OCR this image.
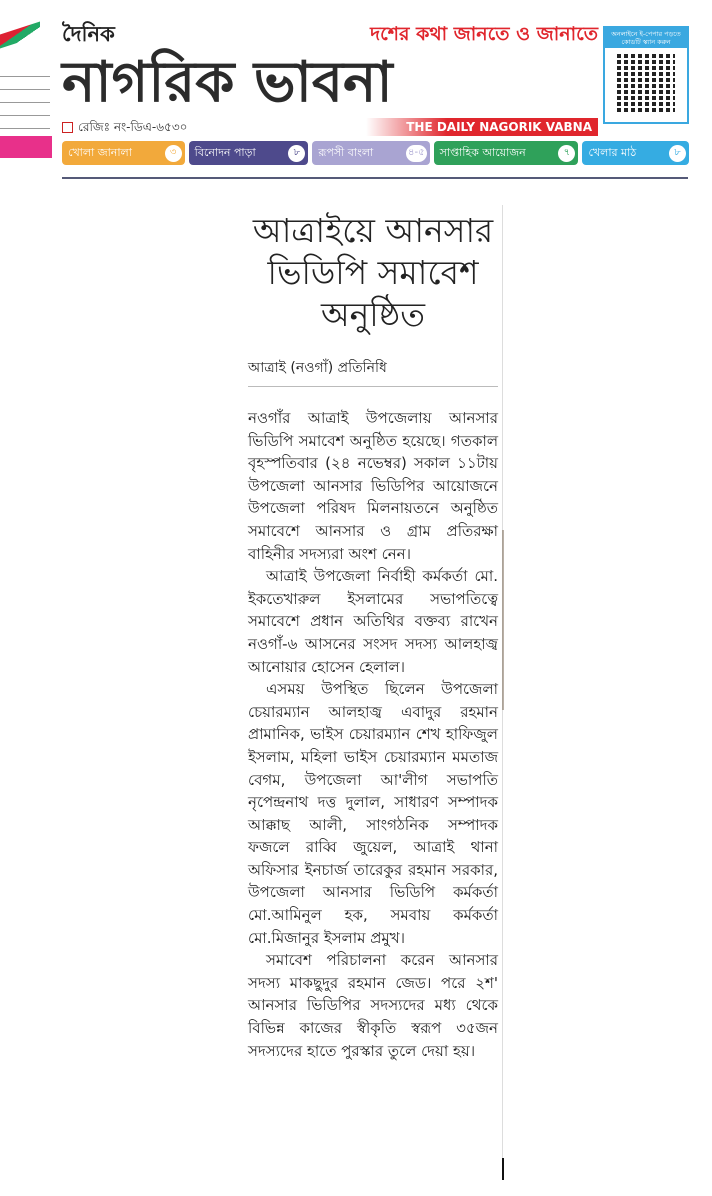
দৈনিক	দশের কথা জানতে ও জানাতে
নাগরিক ভাবনা
রেজিঃ নং-ডিএ-৬৫৩০	THE DAILY NAGORIK VABNA
অনলাইনে ই-পেপার পড়তে কোডটি স্ক্যান করুন
খোলা জানালা	৩	বিনোদন পাড়া	৮	রূপসী বাংলা	৪-৫ সাপ্তাহিক আয়োজন	৭	খেলার মাঠ	৮
আত্রাইয়ে আনসার ভিডিপি সমাবেশ অনুষ্ঠিত
আত্রাই (নওগাঁ) প্রতিনিধি

নওগাঁর আত্রাই উপজেলায় আনসার ভিডিপি সমাবেশ অনুষ্ঠিত হয়েছে। গতকাল বৃহস্পতিবার (২৪ নভেম্বর) সকাল ১১টায় উপজেলা আনসার ভিডিপির আয়োজনে উপজেলা পরিষদ মিলনায়তনে অনুষ্ঠিত সমাবেশে আনসার ও গ্রাম প্রতিরক্ষা বাহিনীর সদস্যরা অংশ নেন।

আত্রাই উপজেলা নির্বাহী কর্মকর্তা মো. ইকতেখারুল ইসলামের সভাপতিত্বে সমাবেশে প্রধান অতিথির বক্তব্য রাখেন নওগাঁ-৬ আসনের সংসদ সদস্য আলহাজ্ব আনোয়ার হোসেন হেলাল।

এসময় উপস্থিত ছিলেন উপজেলা চেয়ারম্যান আলহাজ্ব এবাদুর রহমান প্রামানিক, ভাইস চেয়ারম্যান শেখ হাফিজুল ইসলাম, মহিলা ভাইস চেয়ারম্যান মমতাজ বেগম, উপজেলা আ'লীগ সভাপতি নৃপেন্দ্রনাথ দত্ত দুলাল, সাধারণ সম্পাদক আক্কাছ আলী, সাংগঠনিক সম্পাদক ফজলে রাব্বি জুয়েল, আত্রাই থানা অফিসার ইনচার্জ তারেকুর রহমান সরকার, উপজেলা আনসার ভিডিপি কর্মকর্তা মো.আমিনুল হক, সমবায় কর্মকর্তা মো.মিজানুর ইসলাম প্রমুখ।

সমাবেশ পরিচালনা করেন আনসার সদস্য মাকছুদুর রহমান জেড। পরে ২শ' আনসার ভিডিপির সদস্যদের মধ্য থেকে বিভিন্ন কাজের স্বীকৃতি স্বরূপ ৩৫জন সদস্যদের হাতে পুরস্কার তুলে দেয়া হয়।
